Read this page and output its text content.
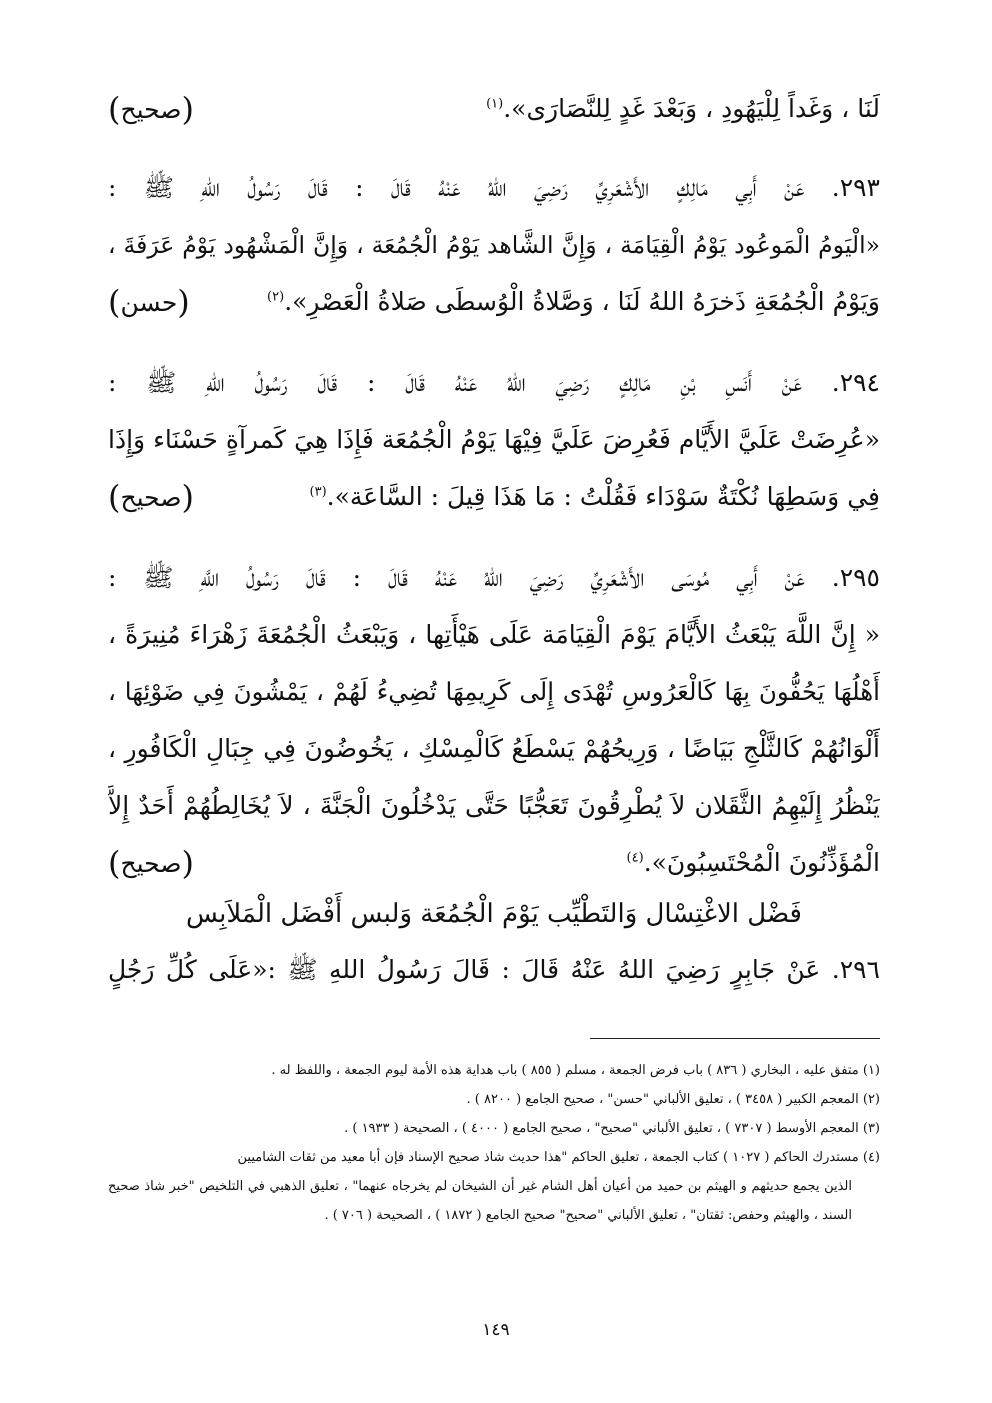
لَنَا ، وَغَداً لِلْيَهُودِ ، وَبَعْدَ غَدٍ لِلنَّصَارَى».$^{(١)}$
(صحيح)
٢٩٣. عَنْ أَبِي مَالِكٍ الأَشْعَرِيِّ رَضِيَ اللهُ عَنْهُ قَالَ : قَالَ رَسُولُ اللهِ ﷺ :
«الْيَومُ الْمَوعُود يَوْمُ الْقِيَامَة ، وَإِنَّ الشَّاهد يَوْمُ الْجُمُعَة ، وَإِنَّ الْمَشْهُود يَوْمُ عَرَفَةَ ،
وَيَوْمُ الْجُمُعَةِ ذَخرَهُ اللهُ لَنَا ، وَصَّلاةُ الْوُسطَى صَلاةُ الْعَصْرِ».$^{(٢)}$
(حسن)
٢٩٤. عَنْ أَنَسِ بْنِ مَالِكٍ رَضِيَ اللهُ عَنْهُ قَالَ : قَالَ رَسُولُ اللهِ ﷺ :
«عُرِضَتْ عَلَيَّ الأَيَّام فَعُرِضَ عَلَيَّ فِيْهَا يَوْمُ الْجُمُعَة فَإِذَا هِيَ كَمرآةٍ حَسْنَاء وَإِذَا
فِي وَسَطِهَا نُكْتَةٌ سَوْدَاء فَقُلْتُ : مَا هَذَا قِيلَ : السَّاعَة».$^{(٣)}$
(صحيح)
٢٩٥. عَنْ أَبِي مُوسَى الأَشْعَرِيِّ رَضِيَ اللهُ عَنْهُ قَالَ : قَالَ رَسُولُ اللَّهِ ﷺ :
« إِنَّ اللَّهَ يَبْعَثُ الأَيَّامَ يَوْمَ الْقِيَامَة عَلَى هَيْأَتِها ، وَيَبْعَثُ الْجُمُعَةَ زَهْرَاءَ مُنِيرَةً ،
أَهْلُهَا يَحُفُّونَ بِهَا كَالْعَرُوسِ تُهْدَى إِلَى كَرِيمِهَا تُضِيءُ لَهُمْ ، يَمْشُونَ فِي ضَوْئِهَا ،
أَلْوَانُهُمْ كَالثَّلْجِ بَيَاضًا ، وَرِيحُهُمْ يَسْطَعُ كَالْمِسْكِ ، يَخُوضُونَ فِي جِبَالِ الْكَافُورِ ،
يَنْظُرُ إِلَيْهِمُ الثَّقَلان لاَ يُطْرِقُونَ تَعَجُّبًا حَتَّى يَدْخُلُونَ الْجَنَّةَ ، لاَ يُخَالِطُهُمْ أَحَدٌ إِلاَّ
الْمُؤَذِّنُونَ الْمُحْتَسِبُونَ».$^{(٤)}$
(صحيح)
فَضْل الاغْتِسْال وَالتَطْيِّب يَوْمَ الْجُمُعَة وَلبس أَفْضَل الْمَلاَبِس
٢٩٦. عَنْ جَابِرٍ رَضِيَ اللهُ عَنْهُ قَالَ : قَالَ رَسُولُ اللهِ ﷺ :«عَلَى كُلِّ رَجُلٍ
(١) متفق عليه ، البخاري ( ٨٣٦ ) باب فرض الجمعة ، مسلم ( ٨٥٥ ) باب هداية هذه الأمة ليوم الجمعة ، واللفظ له .
(٢) المعجم الكبير ( ٣٤٥٨ ) ، تعليق الألباني "حسن" ، صحيح الجامع ( ٨٢٠٠ ) .
(٣) المعجم الأوسط ( ٧٣٠٧ ) ، تعليق الألباني "صحيح" ، صحيح الجامع ( ٤٠٠٠ ) ، الصحيحة ( ١٩٣٣ ) .
(٤) مستدرك الحاكم ( ١٠٢٧ ) كتاب الجمعة ، تعليق الحاكم "هذا حديث شاذ صحيح الإسناد فإن أبا معيد من ثقات الشاميين
الذين يجمع حديثهم و الهيثم بن حميد من أعيان أهل الشام غير أن الشيخان لم يخرجاه عنهما" ، تعليق الذهبي في التلخيص "خبر شاذ صحيح السند ، والهيثم وحفص: ثقتان" ، تعليق الألباني "صحيح" صحيح الجامع ( ١٨٧٢ ) ، الصحيحة ( ٧٠٦ ) .
١٤٩
